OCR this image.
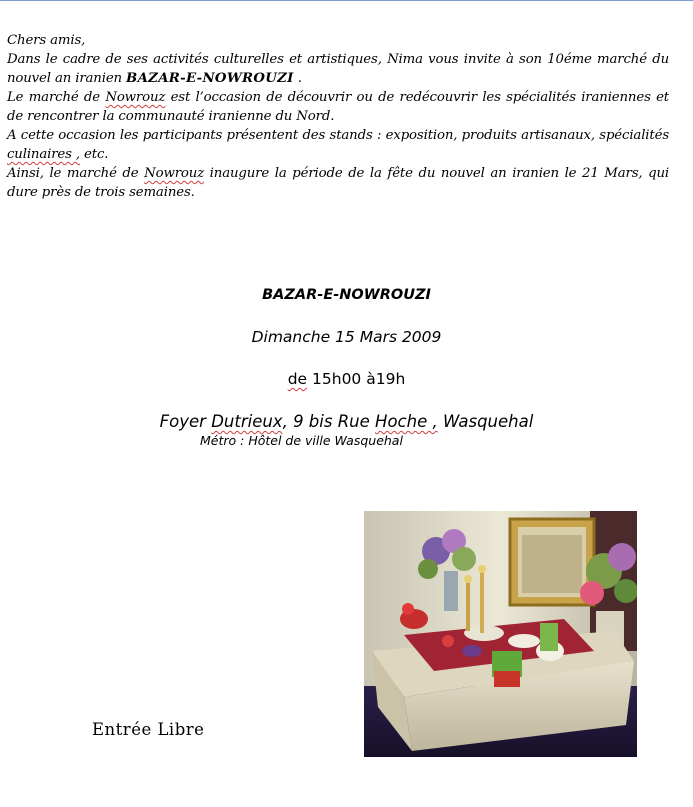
Chers amis,

Dans le cadre de ses activités culturelles et artistiques, Nima vous invite à son 10éme marché du nouvel an iranien BAZAR-E-NOWROUZI .

Le marché de Nowrouz est l’occasion de découvrir ou de redécouvrir les spécialités iraniennes et de rencontrer la communauté iranienne du Nord.

A cette occasion les participants présentent des stands : exposition, produits artisanaux, spécialités culinaires , etc.

Ainsi, le marché de Nowrouz inaugure la période de la fête du nouvel an iranien le 21 Mars, qui dure près de trois semaines.

BAZAR-E-NOWROUZI
Dimanche 15 Mars 2009
de 15h00 à19h
Foyer Dutrieux, 9 bis Rue Hoche , Wasquehal
Métro : Hôtel de ville Wasquehal
Entrée Libre
